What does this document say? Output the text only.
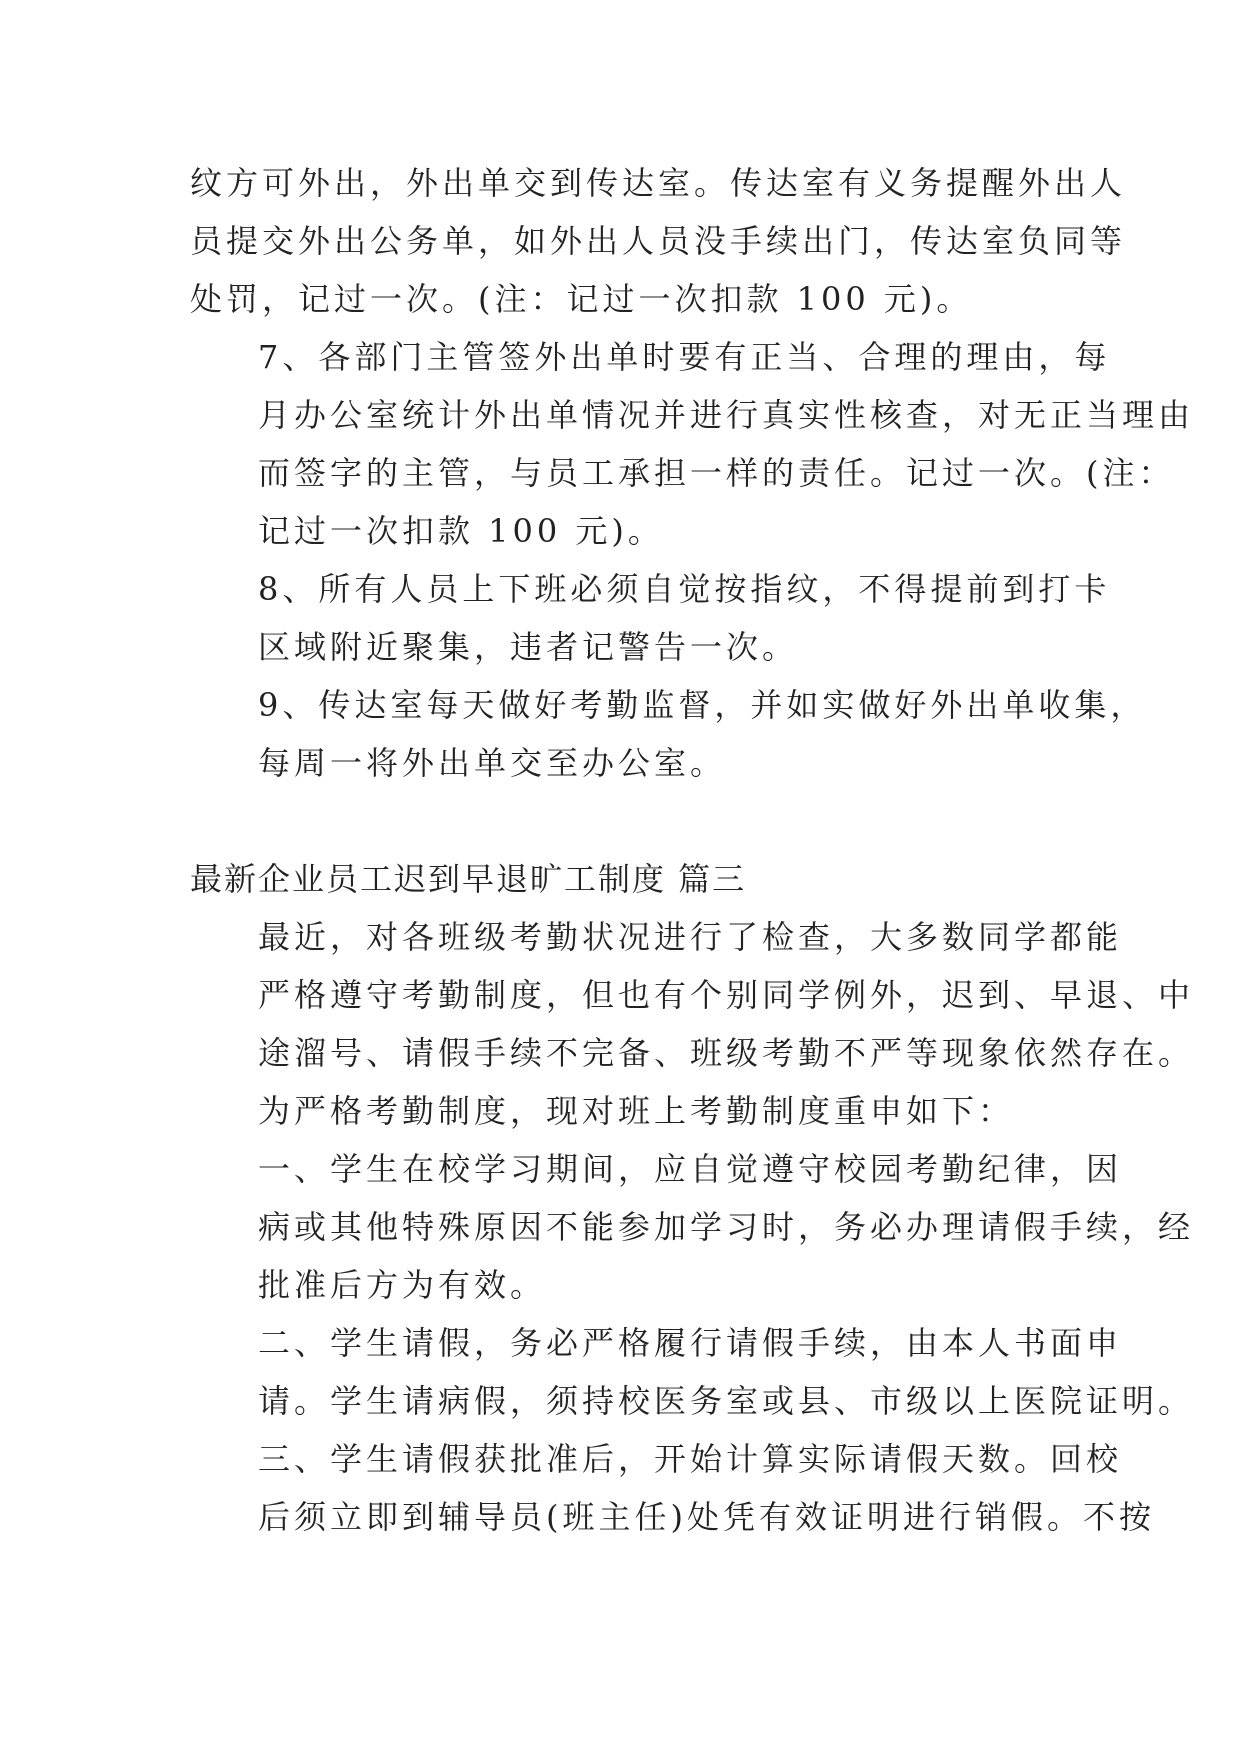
纹方可外出，外出单交到传达室。传达室有义务提醒外出人
员提交外出公务单，如外出人员没手续出门，传达室负同等
处罚，记过一次。(注：记过一次扣款 100 元)。

7、各部门主管签外出单时要有正当、合理的理由，每
月办公室统计外出单情况并进行真实性核查，对无正当理由
而签字的主管，与员工承担一样的责任。记过一次。(注：
记过一次扣款 100 元)。

8、所有人员上下班必须自觉按指纹，不得提前到打卡
区域附近聚集，违者记警告一次。

9、传达室每天做好考勤监督，并如实做好外出单收集，
每周一将外出单交至办公室。

最新企业员工迟到早退旷工制度 篇三

最近，对各班级考勤状况进行了检查，大多数同学都能
严格遵守考勤制度，但也有个别同学例外，迟到、早退、中
途溜号、请假手续不完备、班级考勤不严等现象依然存在。
为严格考勤制度，现对班上考勤制度重申如下：

一、学生在校学习期间，应自觉遵守校园考勤纪律，因
病或其他特殊原因不能参加学习时，务必办理请假手续，经
批准后方为有效。

二、学生请假，务必严格履行请假手续，由本人书面申
请。学生请病假，须持校医务室或县、市级以上医院证明。

三、学生请假获批准后，开始计算实际请假天数。回校
后须立即到辅导员(班主任)处凭有效证明进行销假。不按
